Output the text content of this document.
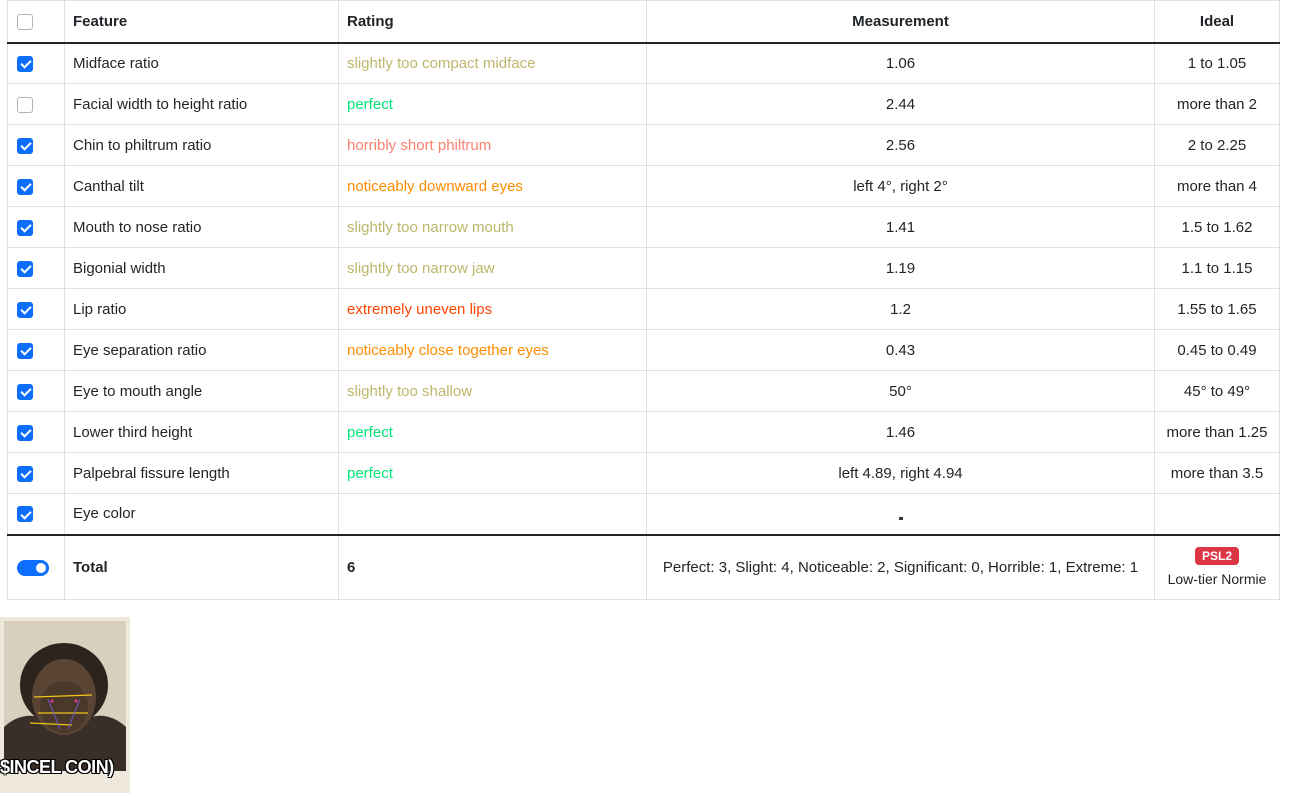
	Feature	Rating	Measurement	Ideal
	Midface ratio	slightly too compact midface	1.06	1 to 1.05
	Facial width to height ratio	perfect	2.44	more than 2
	Chin to philtrum ratio	horribly short philtrum	2.56	2 to 2.25
	Canthal tilt	noticeably downward eyes	left 4°, right 2°	more than 4
	Mouth to nose ratio	slightly too narrow mouth	1.41	1.5 to 1.62
	Bigonial width	slightly too narrow jaw	1.19	1.1 to 1.15
	Lip ratio	extremely uneven lips	1.2	1.55 to 1.65
	Eye separation ratio	noticeably close together eyes	0.43	0.45 to 0.49
	Eye to mouth angle	slightly too shallow	50°	45° to 49°
	Lower third height	perfect	1.46	more than 1.25
	Palpebral fissure length	perfect	left 4.89, right 4.94	more than 3.5
	Eye color			
	Total	6	Perfect: 3, Slight: 4, Noticeable: 2, Significant: 0, Horrible: 1, Extreme: 1	PSL2
Low-tier Normie
$INCEL COIN)
